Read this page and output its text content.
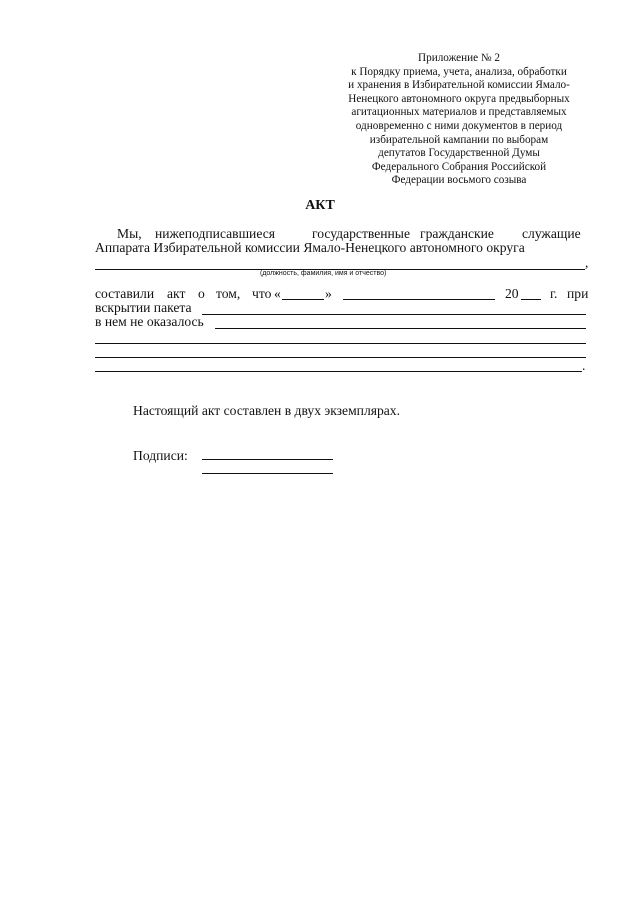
Приложение № 2
к Порядку приема, учета, анализа, обработки
и хранения в Избирательной комиссии Ямало-
Ненецкого автономного округа предвыборных
агитационных материалов и представляемых
одновременно с ними документов в период
избирательной кампании по выборам
депутатов Государственной Думы
Федерального Собрания Российской
Федерации восьмого созыва
АКТ
Мы, нижеподписавшиеся	государственные гражданские служащие
Аппарата Избирательной комиссии Ямало-Ненецкого автономного округа
,
(должность, фамилия, имя и отчество)
составили акт о том, что «	»	20 г. при
вскрытии пакета
в нем не оказалось
.
Настоящий акт составлен в двух экземплярах.
Подписи:
